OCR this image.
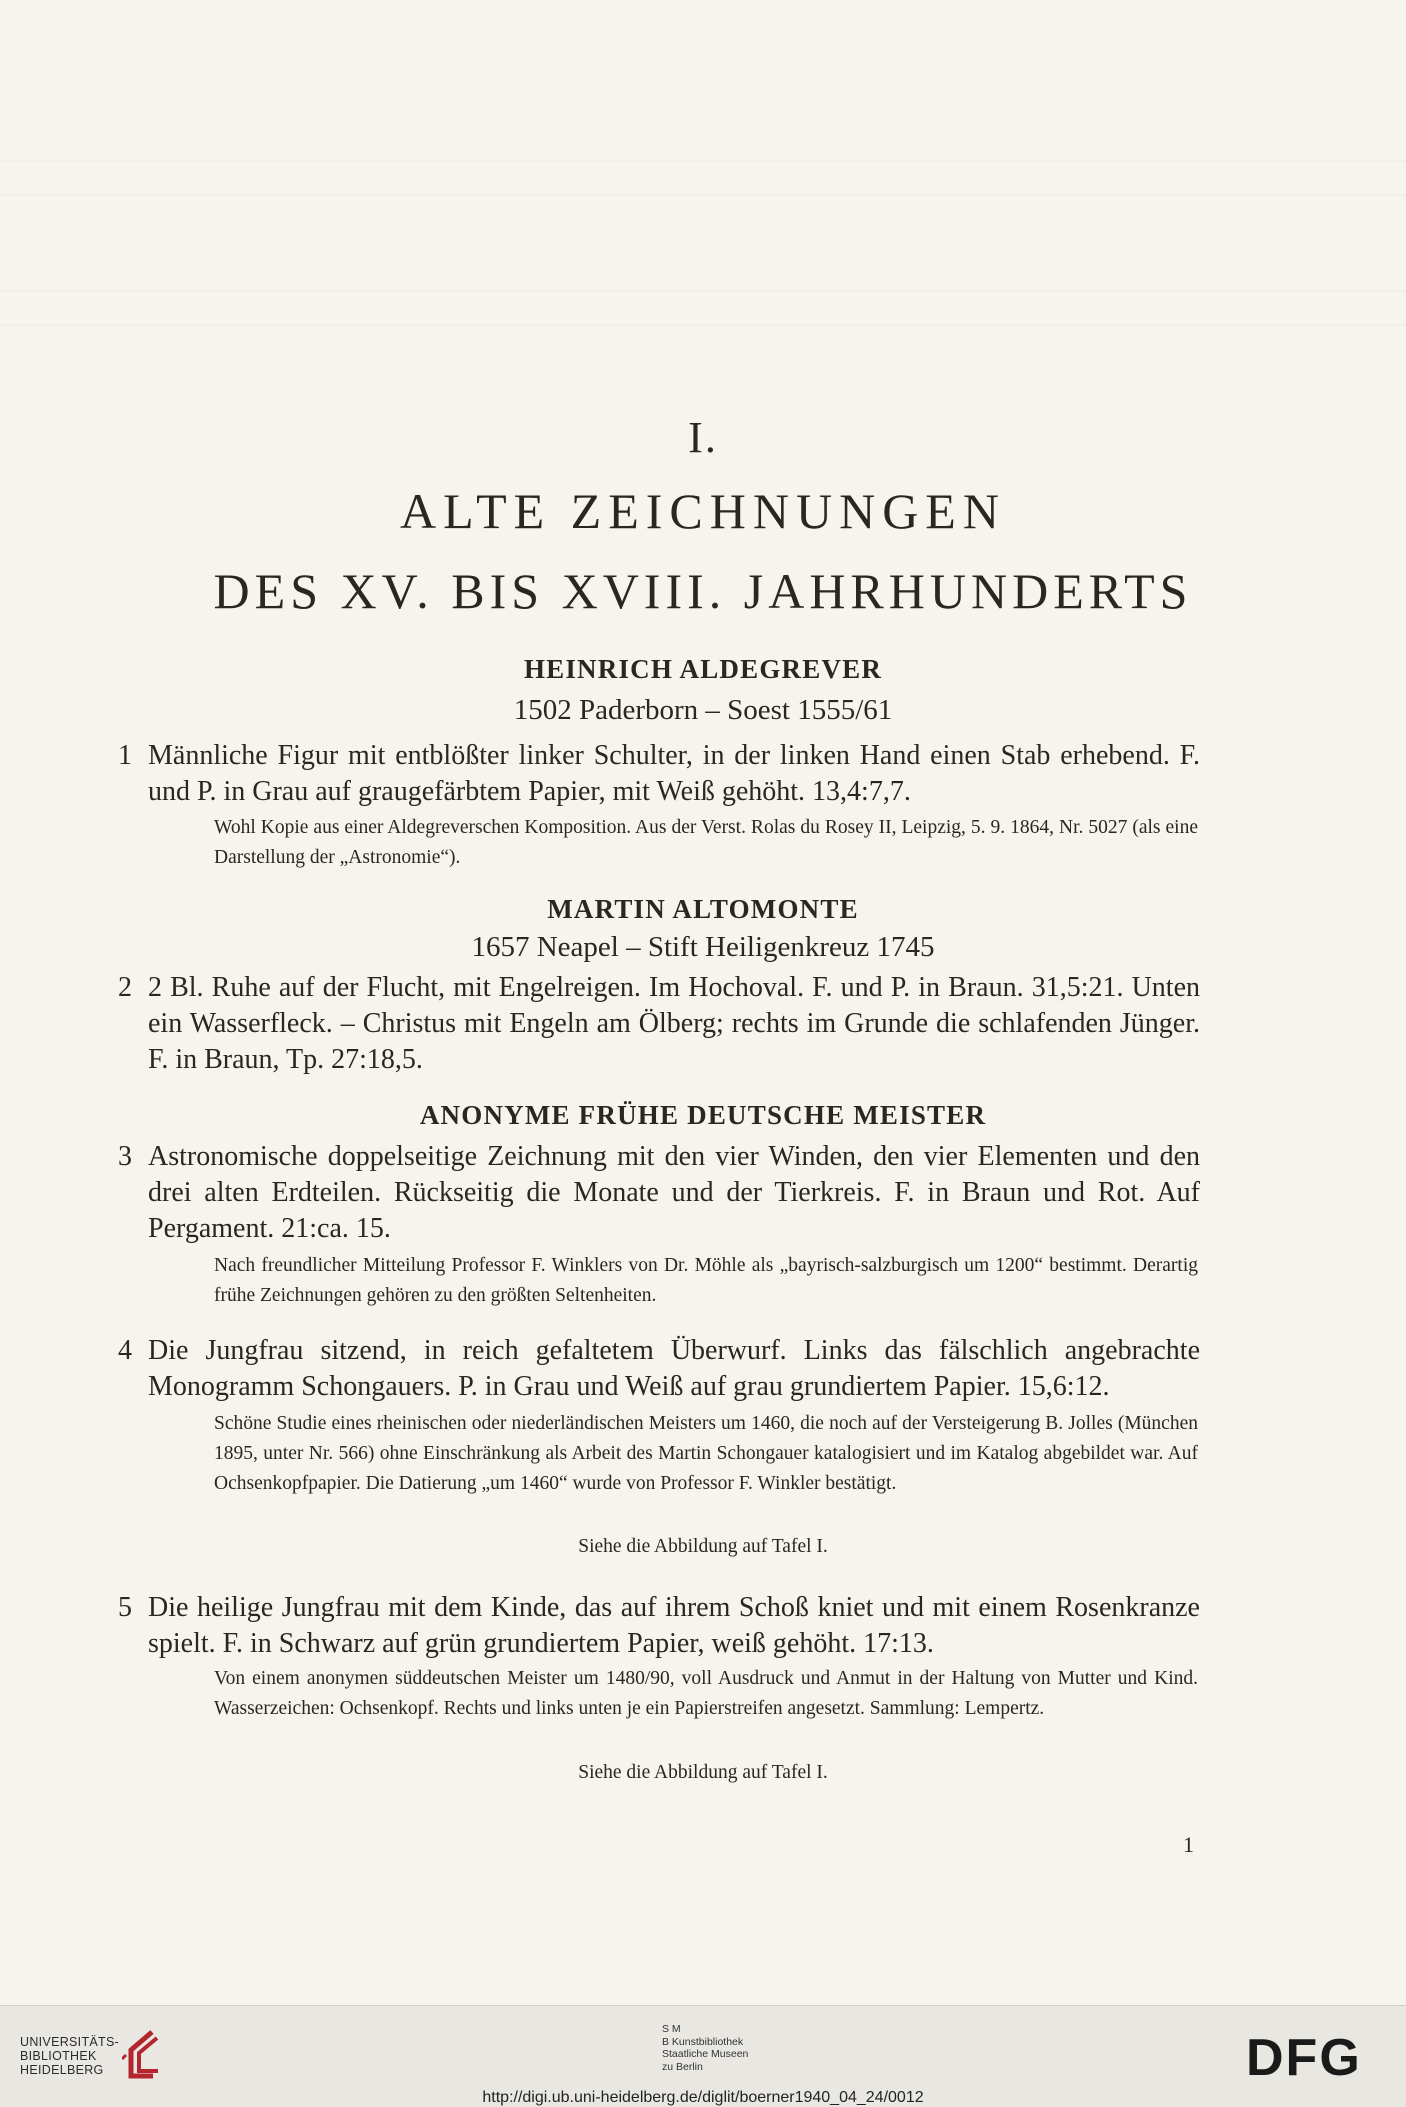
I.
ALTE ZEICHNUNGEN
DES XV. BIS XVIII. JAHRHUNDERTS
HEINRICH ALDEGREVER
1502 Paderborn – Soest 1555/61
1 Männliche Figur mit entblößter linker Schulter, in der linken Hand einen Stab erhebend. F. und P. in Grau auf graugefärbtem Papier, mit Weiß gehöht. 13,4:7,7.
Wohl Kopie aus einer Aldegreverschen Komposition. Aus der Verst. Rolas du Rosey II, Leipzig, 5. 9. 1864, Nr. 5027 (als eine Darstellung der „Astronomie“).
MARTIN ALTOMONTE
1657 Neapel – Stift Heiligenkreuz 1745
2 2 Bl. Ruhe auf der Flucht, mit Engelreigen. Im Hochoval. F. und P. in Braun. 31,5:21. Unten ein Wasserfleck. – Christus mit Engeln am Ölberg; rechts im Grunde die schlafenden Jünger. F. in Braun, Tp. 27:18,5.
ANONYME FRÜHE DEUTSCHE MEISTER
3 Astronomische doppelseitige Zeichnung mit den vier Winden, den vier Elementen und den drei alten Erdteilen. Rückseitig die Monate und der Tierkreis. F. in Braun und Rot. Auf Pergament. 21:ca. 15.
Nach freundlicher Mitteilung Professor F. Winklers von Dr. Möhle als „bayrisch-salzburgisch um 1200“ bestimmt. Derartig frühe Zeichnungen gehören zu den größten Seltenheiten.
4 Die Jungfrau sitzend, in reich gefaltetem Überwurf. Links das fälschlich angebrachte Monogramm Schongauers. P. in Grau und Weiß auf grau grundiertem Papier. 15,6:12.
Schöne Studie eines rheinischen oder niederländischen Meisters um 1460, die noch auf der Versteigerung B. Jolles (München 1895, unter Nr. 566) ohne Einschränkung als Arbeit des Martin Schongauer katalogisiert und im Katalog abgebildet war. Auf Ochsenkopfpapier. Die Datierung „um 1460“ wurde von Professor F. Winkler bestätigt.
Siehe die Abbildung auf Tafel I.
5 Die heilige Jungfrau mit dem Kinde, das auf ihrem Schoß kniet und mit einem Rosenkranze spielt. F. in Schwarz auf grün grundiertem Papier, weiß gehöht. 17:13.
Von einem anonymen süddeutschen Meister um 1480/90, voll Ausdruck und Anmut in der Haltung von Mutter und Kind. Wasserzeichen: Ochsenkopf. Rechts und links unten je ein Papierstreifen angesetzt. Sammlung: Lempertz.
Siehe die Abbildung auf Tafel I.
1
UNIVERSITÄTS-
BIBLIOTHEK
HEIDELBERG
S M
B Kunstbibliothek
Staatliche Museen
zu Berlin	DFG
http://digi.ub.uni-heidelberg.de/diglit/boerner1940_04_24/0012
